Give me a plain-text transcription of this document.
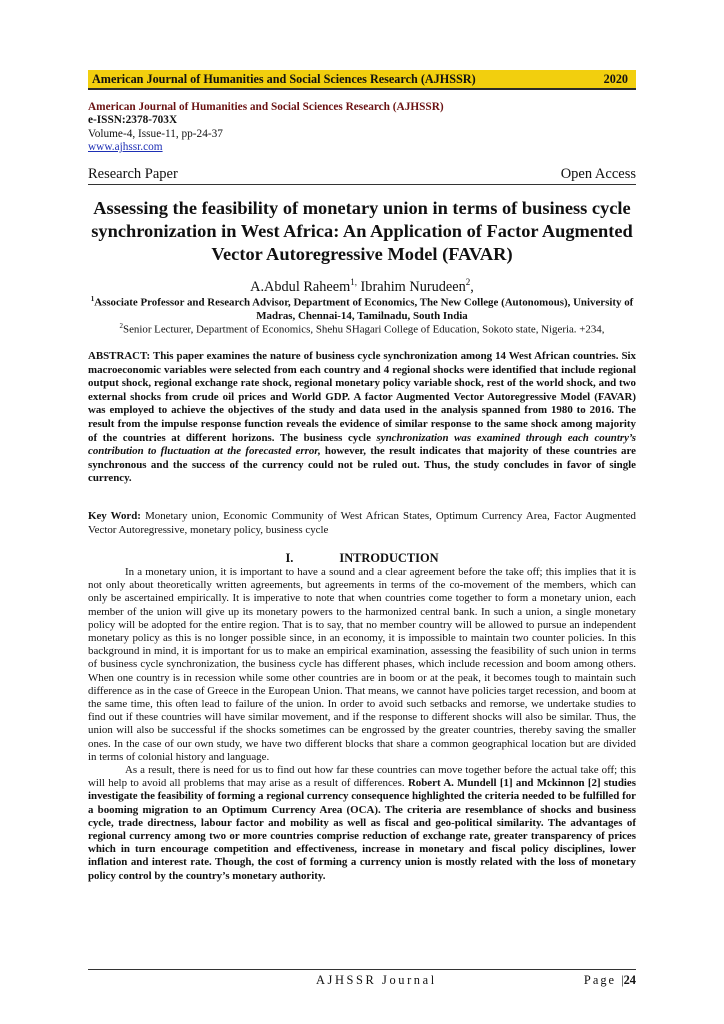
American Journal of Humanities and Social Sciences Research (AJHSSR)	2020
American Journal of Humanities and Social Sciences Research (AJHSSR)
e-ISSN:2378-703X
Volume-4, Issue-11, pp-24-37
www.ajhssr.com
Research Paper	Open Access
Assessing the feasibility of monetary union in terms of business cycle synchronization in West Africa: An Application of Factor Augmented Vector Autoregressive Model (FAVAR)
A.Abdul Raheem$^{1,}$ Ibrahim Nurudeen$^2$,
$^1$Associate Professor and Research Advisor, Department of Economics, The New College (Autonomous), University of Madras, Chennai-14, Tamilnadu, South India
$^2$Senior Lecturer, Department of Economics, Shehu SHagari College of Education, Sokoto state, Nigeria. +234,
ABSTRACT: This paper examines the nature of business cycle synchronization among 14 West African countries. Six macroeconomic variables were selected from each country and 4 regional shocks were identified that include regional output shock, regional exchange rate shock, regional monetary policy variable shock, rest of the world shock, and two external shocks from crude oil prices and World GDP. A factor Augmented Vector Autoregressive Model (FAVAR) was employed to achieve the objectives of the study and data used in the analysis spanned from 1980 to 2016. The result from the impulse response function reveals the evidence of similar response to the same shock among majority of the countries at different horizons. The business cycle synchronization was examined through each country’s contribution to fluctuation at the forecasted error, however, the result indicates that majority of these countries are synchronous and the success of the currency could not be ruled out. Thus, the study concludes in favor of single currency.
Key Word: Monetary union, Economic Community of West African States, Optimum Currency Area, Factor Augmented Vector Autoregressive, monetary policy, business cycle
I.	INTRODUCTION

In a monetary union, it is important to have a sound and a clear agreement before the take off; this implies that it is not only about theoretically written agreements, but agreements in terms of the co-movement of the members, which can only be ascertained empirically. It is imperative to note that when countries come together to form a monetary union, each member of the union will give up its monetary powers to the harmonized central bank. In such a union, a single monetary policy will be adopted for the entire region. That is to say, that no member country will be allowed to pursue an independent monetary policy as this is no longer possible since, in an economy, it is impossible to maintain two counter policies. In this background in mind, it is important for us to make an empirical examination, assessing the feasibility of such union in terms of business cycle synchronization, the business cycle has different phases, which include recession and boom among others. When one country is in recession while some other countries are in boom or at the peak, it becomes tough to maintain such difference as in the case of Greece in the European Union. That means, we cannot have policies target recession, and boom at the same time, this often lead to failure of the union. In order to avoid such setbacks and remorse, we undertake studies to find out if these countries will have similar movement, and if the response to different shocks will also be similar. Thus, the union will also be successful if the shocks sometimes can be engrossed by the greater countries, thereby saving the smaller ones. In the case of our own study, we have two different blocks that share a common geographical location but are divided in terms of colonial history and language.

As a result, there is need for us to find out how far these countries can move together before the actual take off; this will help to avoid all problems that may arise as a result of differences. Robert A. Mundell [1] and Mckinnon [2] studies investigate the feasibility of forming a regional currency consequence highlighted the criteria needed to be fulfilled for a booming migration to an Optimum Currency Area (OCA). The criteria are resemblance of shocks and business cycle, trade directness, labour factor and mobility as well as fiscal and geo-political similarity. The advantages of regional currency among two or more countries comprise reduction of exchange rate, greater transparency of prices which in turn encourage competition and effectiveness, increase in monetary and fiscal policy disciplines, lower inflation and interest rate. Though, the cost of forming a currency union is mostly related with the loss of monetary policy control by the country’s monetary authority.

AJHSSR Journal	Page |24
